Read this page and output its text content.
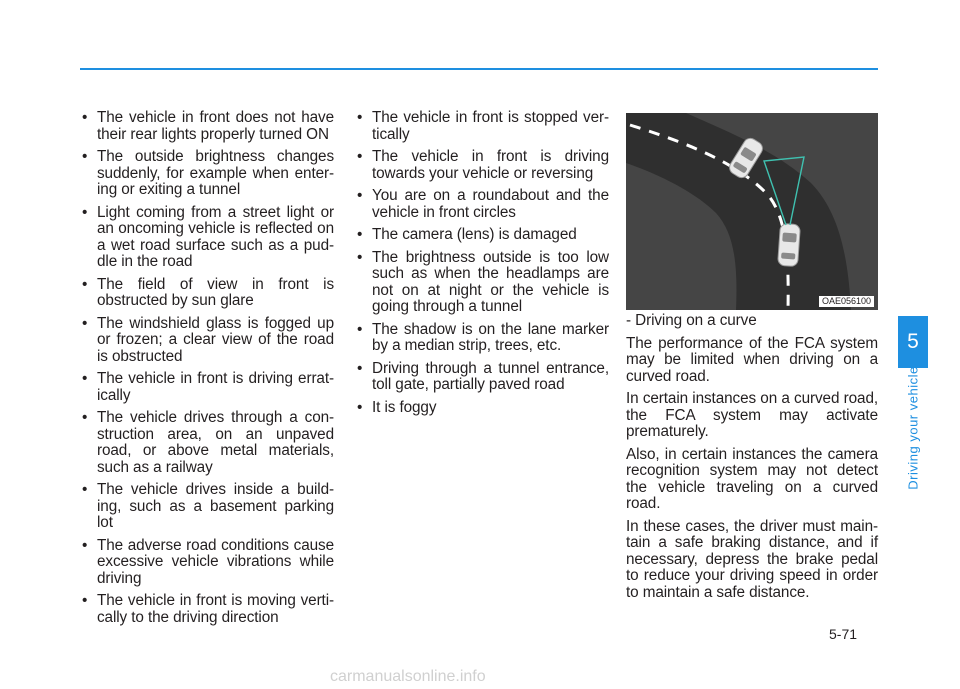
• The vehicle in front does not have their rear lights properly turned ON
• The outside brightness changes suddenly, for example when enter-ing or exiting a tunnel
• Light coming from a street light or an oncoming vehicle is reflected on a wet road surface such as a pud-dle in the road
• The field of view in front is obstructed by sun glare
• The windshield glass is fogged up or frozen; a clear view of the road is obstructed
• The vehicle in front is driving errat-ically
• The vehicle drives through a con-struction area, on an unpaved road, or above metal materials, such as a railway
• The vehicle drives inside a build-ing, such as a basement parking lot
• The adverse road conditions cause excessive vehicle vibrations while driving
• The vehicle in front is moving verti-cally to the driving direction
• The vehicle in front is stopped ver-tically
• The vehicle in front is driving towards your vehicle or reversing
• You are on a roundabout and the vehicle in front circles
• The camera (lens) is damaged
• The brightness outside is too low such as when the headlamps are not on at night or the vehicle is going through a tunnel
• The shadow is on the lane marker by a median strip, trees, etc.
• Driving through a tunnel entrance, toll gate, partially paved road
• It is foggy
OAE056100

- Driving on a curve

The performance of the FCA system may be limited when driving on a curved road.

In certain instances on a curved road, the FCA system may activate prematurely.

Also, in certain instances the camera recognition system may not detect the vehicle traveling on a curved road.

In these cases, the driver must main-tain a safe braking distance, and if necessary, depress the brake pedal to reduce your driving speed in order to maintain a safe distance.

5
Driving your vehicle
5-71
carmanualsonline.info
